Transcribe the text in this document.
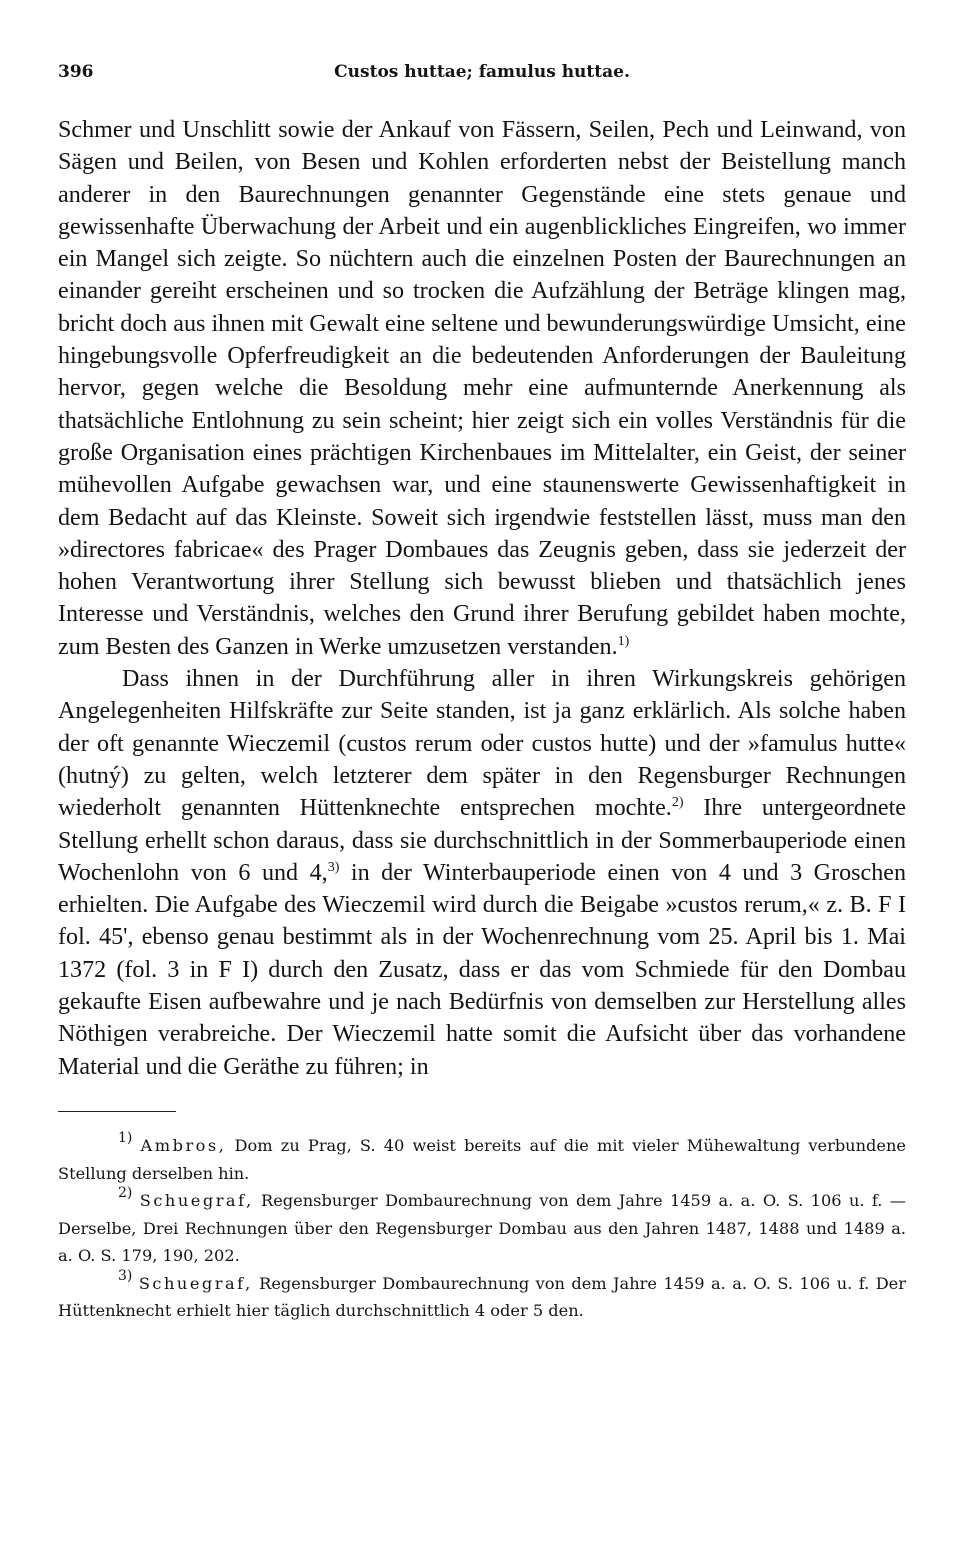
396	Custos huttae; famulus huttae.

Schmer und Unschlitt sowie der Ankauf von Fässern, Seilen, Pech und Leinwand, von Sägen und Beilen, von Besen und Kohlen erforderten nebst der Beistellung manch anderer in den Baurechnungen genannter Gegenstände eine stets genaue und gewissenhafte Überwachung der Arbeit und ein augenblickliches Eingreifen, wo immer ein Mangel sich zeigte. So nüchtern auch die einzelnen Posten der Baurechnungen an einander gereiht erscheinen und so trocken die Aufzählung der Beträge klingen mag, bricht doch aus ihnen mit Gewalt eine seltene und bewunderungswürdige Umsicht, eine hingebungsvolle Opferfreudigkeit an die bedeutenden Anforderungen der Bauleitung hervor, gegen welche die Besoldung mehr eine aufmunternde Anerkennung als thatsächliche Entlohnung zu sein scheint; hier zeigt sich ein volles Verständnis für die große Organisation eines prächtigen Kirchenbaues im Mittelalter, ein Geist, der seiner mühevollen Aufgabe gewachsen war, und eine staunenswerte Gewissenhaftigkeit in dem Bedacht auf das Kleinste. Soweit sich irgendwie feststellen lässt, muss man den »directores fabricae« des Prager Dombaues das Zeugnis geben, dass sie jederzeit der hohen Verantwortung ihrer Stellung sich bewusst blieben und thatsächlich jenes Interesse und Verständnis, welches den Grund ihrer Berufung gebildet haben mochte, zum Besten des Ganzen in Werke umzusetzen verstanden.$^{1)}$

Dass ihnen in der Durchführung aller in ihren Wirkungskreis gehörigen Angelegenheiten Hilfskräfte zur Seite standen, ist ja ganz erklärlich. Als solche haben der oft genannte Wieczemil (custos rerum oder custos hutte) und der »famulus hutte« (hutný) zu gelten, welch letzterer dem später in den Regensburger Rechnungen wiederholt genannten Hüttenknechte entsprechen mochte.$^{2)}$ Ihre untergeordnete Stellung erhellt schon daraus, dass sie durchschnittlich in der Sommerbauperiode einen Wochenlohn von 6 und 4,$^{3)}$ in der Winterbauperiode einen von 4 und 3 Groschen erhielten. Die Aufgabe des Wieczemil wird durch die Beigabe »custos rerum,« z. B. F I fol. 45', ebenso genau bestimmt als in der Wochenrechnung vom 25. April bis 1. Mai 1372 (fol. 3 in F I) durch den Zusatz, dass er das vom Schmiede für den Dombau gekaufte Eisen aufbewahre und je nach Bedürfnis von demselben zur Herstellung alles Nöthigen verabreiche. Der Wieczemil hatte somit die Aufsicht über das vorhandene Material und die Geräthe zu führen; in

$^{1)}$ Ambros, Dom zu Prag, S. 40 weist bereits auf die mit vieler Mühewaltung verbundene Stellung derselben hin.

$^{2)}$ Schuegraf, Regensburger Dombaurechnung von dem Jahre 1459 a. a. O. S. 106 u. f. — Derselbe, Drei Rechnungen über den Regensburger Dombau aus den Jahren 1487, 1488 und 1489 a. a. O. S. 179, 190, 202.

$^{3)}$ Schuegraf, Regensburger Dombaurechnung von dem Jahre 1459 a. a. O. S. 106 u. f. Der Hüttenknecht erhielt hier täglich durchschnittlich 4 oder 5 den.
